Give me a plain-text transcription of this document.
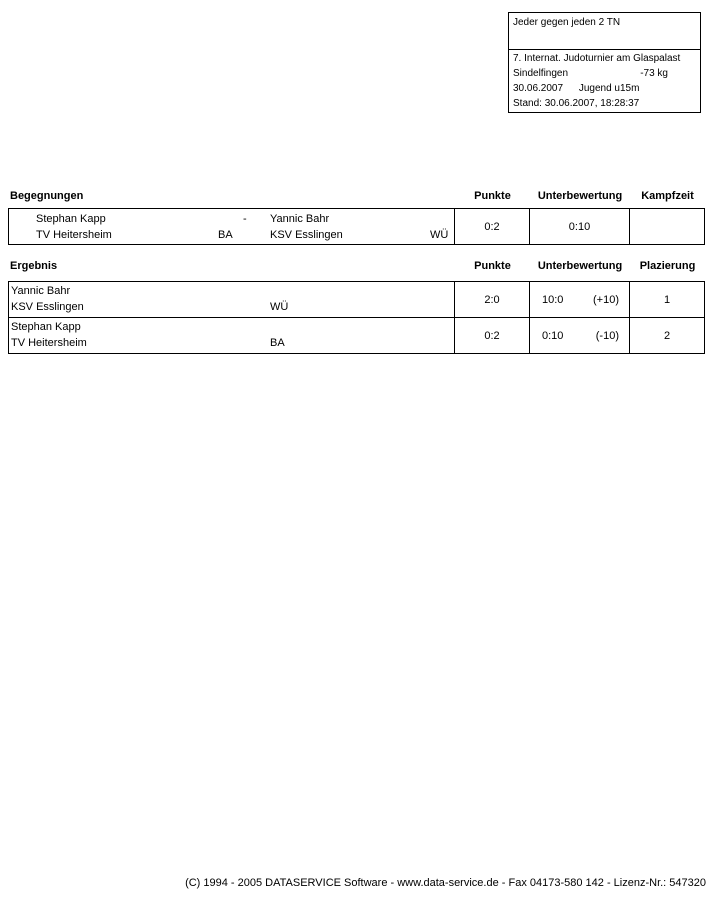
Jeder gegen jeden 2 TN
7. Internat. Judoturnier am Glaspalast
Sindelfingen	-73 kg
30.06.2007 Jugend u15m
Stand: 30.06.2007, 18:28:37
Begegnungen	Punkte	Unterbewertung	Kampfzeit
Stephan Kapp	- Yannic Bahr
TV Heitersheim	BA	KSV Esslingen	WÜ
0:2	0:10
Ergebnis	Punkte	Unterbewertung	Plazierung
Yannic Bahr
KSV Esslingen	WÜ
2:0	10:0	(+10)	1
Stephan Kapp
TV Heitersheim	BA
0:2	0:10	(-10)	2
(C) 1994 - 2005 DATASERVICE Software - www.data-service.de - Fax 04173-580 142 - Lizenz-Nr.: 547320
